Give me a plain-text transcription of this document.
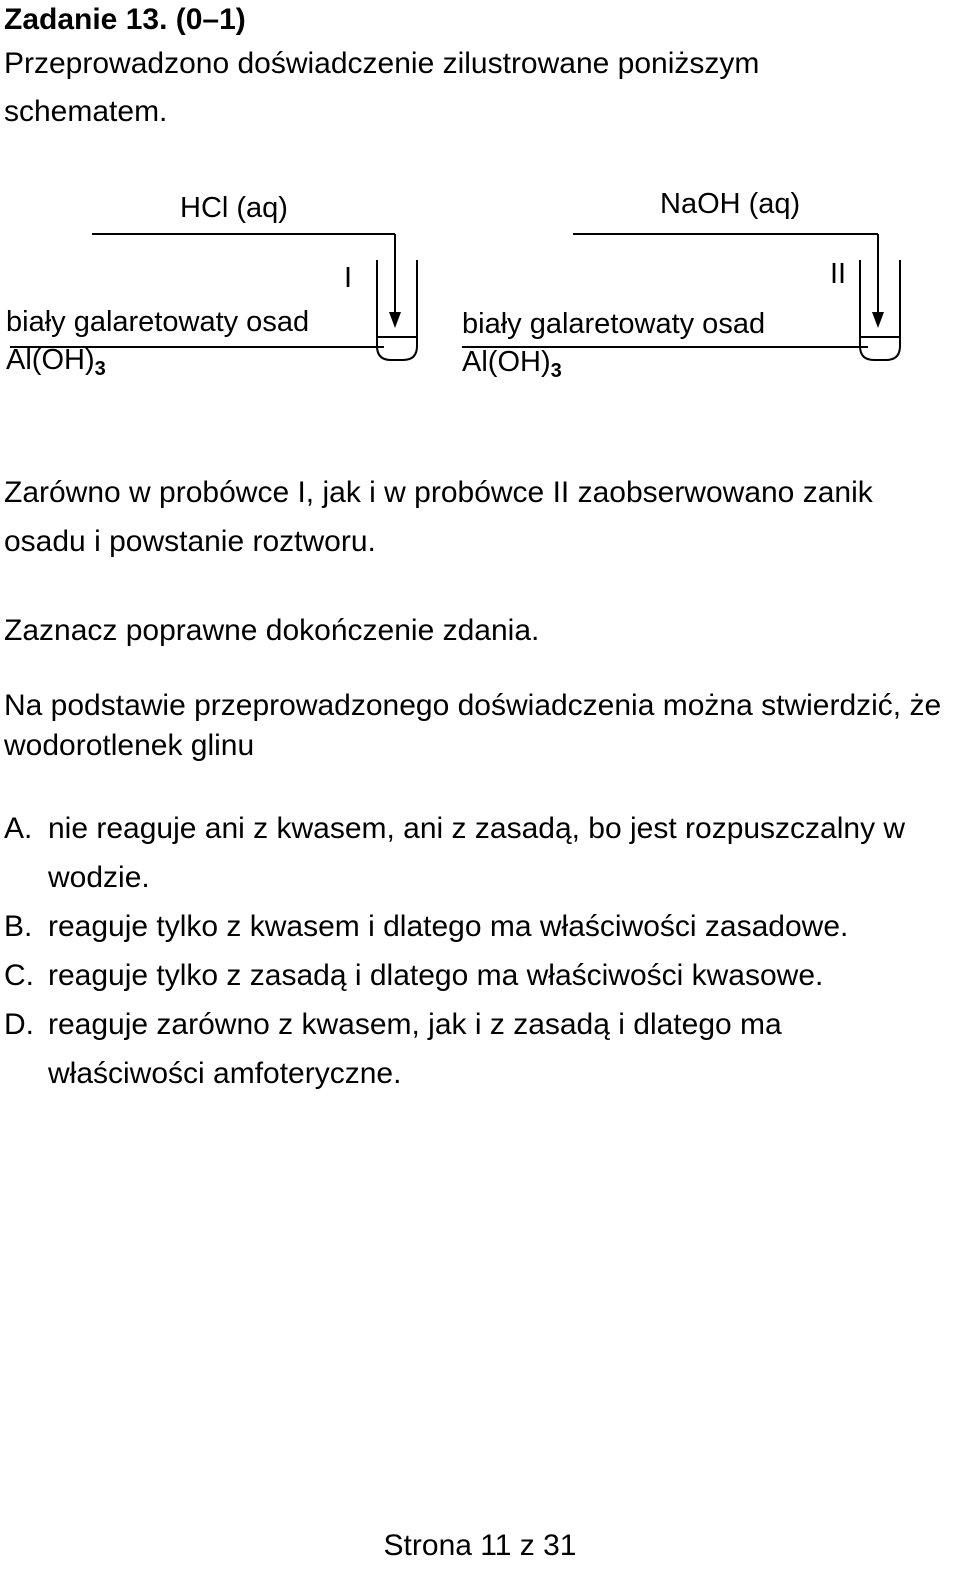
Zadanie 13. (0–1)
Przeprowadzono doświadczenie zilustrowane poniższym schematem.
HCl (aq)
I
biały galaretowaty osad
$Al(OH)_3$
NaOH (aq)
II
biały galaretowaty osad
$Al(OH)_3$
Zarówno w probówce I, jak i w probówce II zaobserwowano zanik osadu i powstanie roztworu.
Zaznacz poprawne dokończenie zdania.
Na podstawie przeprowadzonego doświadczenia można stwierdzić, że wodorotlenek glinu
A. nie reaguje ani z kwasem, ani z zasadą, bo jest rozpuszczalny w wodzie.
B. reaguje tylko z kwasem i dlatego ma właściwości zasadowe.
C. reaguje tylko z zasadą i dlatego ma właściwości kwasowe.
D. reaguje zarówno z kwasem, jak i z zasadą i dlatego ma właściwości amfoteryczne.
Strona 11 z 31
